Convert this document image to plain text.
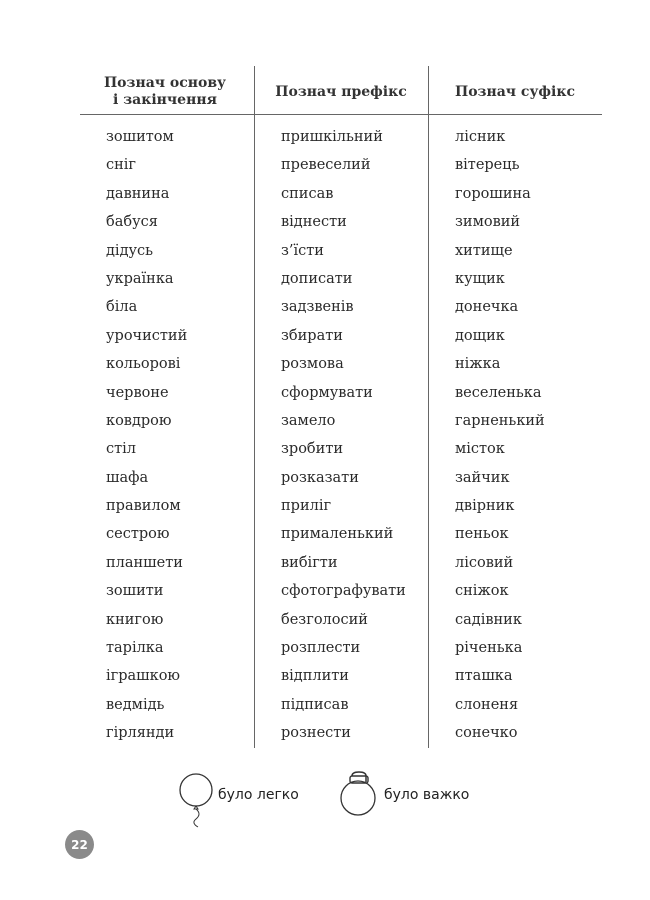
Познач основу
і закінчення
Познач префікс	Познач суфікс
зошитом
сніг
давнина
бабуся
дідусь
українка
біла
урочистий
кольорові
червоне
ковдрою
стіл
шафа
правилом
сестрою
планшети
зошити
книгою
тарілка
іграшкою
ведмідь
гірлянди
пришкільний
превеселий
списав
віднести
з’їсти
дописати
задзвенів
збирати
розмова
сформувати
замело
зробити
розказати
приліг
прималенький
вибігти
сфотографувати
безголосий
розплести
відплити
підписав
рознести
лісник
вітерець
горошина
зимовий
хитище
кущик
донечка
дощик
ніжка
веселенька
гарненький
місток
зайчик
двірник
пеньок
лісовий
сніжок
садівник
річенька
пташка
слоненя
сонечко
було легко	було важко
22
